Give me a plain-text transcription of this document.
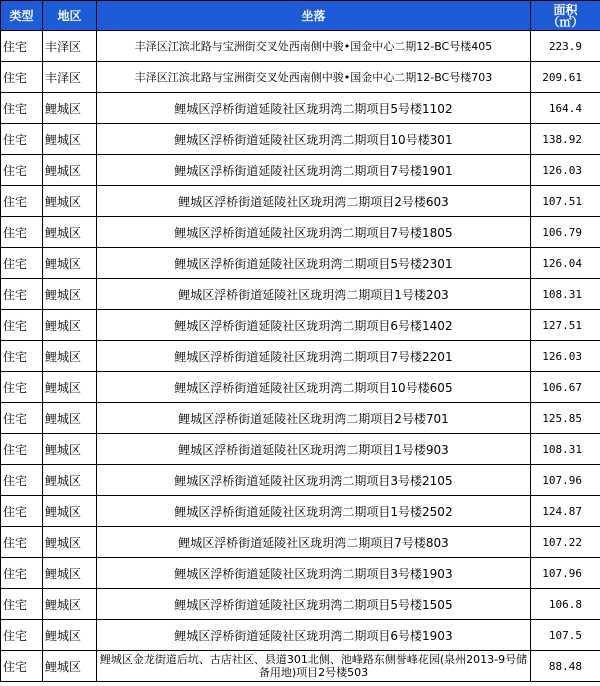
类型	地区	坐落	面积
（㎡）
住宅	丰泽区	丰泽区江滨北路与宝洲街交叉处西南侧中骏•国金中心二期12-BC号楼405	223.9
住宅	丰泽区	丰泽区江滨北路与宝洲街交叉处西南侧中骏•国金中心二期12-BC号楼703	209.61
住宅	鲤城区	鲤城区浮桥街道延陵社区珑玥湾二期项目5号楼1102	164.4
住宅	鲤城区	鲤城区浮桥街道延陵社区珑玥湾二期项目10号楼301	138.92
住宅	鲤城区	鲤城区浮桥街道延陵社区珑玥湾二期项目7号楼1901	126.03
住宅	鲤城区	鲤城区浮桥街道延陵社区珑玥湾二期项目2号楼603	107.51
住宅	鲤城区	鲤城区浮桥街道延陵社区珑玥湾二期项目7号楼1805	106.79
住宅	鲤城区	鲤城区浮桥街道延陵社区珑玥湾二期项目5号楼2301	126.04
住宅	鲤城区	鲤城区浮桥街道延陵社区珑玥湾二期项目1号楼203	108.31
住宅	鲤城区	鲤城区浮桥街道延陵社区珑玥湾二期项目6号楼1402	127.51
住宅	鲤城区	鲤城区浮桥街道延陵社区珑玥湾二期项目7号楼2201	126.03
住宅	鲤城区	鲤城区浮桥街道延陵社区珑玥湾二期项目10号楼605	106.67
住宅	鲤城区	鲤城区浮桥街道延陵社区珑玥湾二期项目2号楼701	125.85
住宅	鲤城区	鲤城区浮桥街道延陵社区珑玥湾二期项目1号楼903	108.31
住宅	鲤城区	鲤城区浮桥街道延陵社区珑玥湾二期项目3号楼2105	107.96
住宅	鲤城区	鲤城区浮桥街道延陵社区珑玥湾二期项目1号楼2502	124.87
住宅	鲤城区	鲤城区浮桥街道延陵社区珑玥湾二期项目7号楼803	107.22
住宅	鲤城区	鲤城区浮桥街道延陵社区珑玥湾二期项目3号楼1903	107.96
住宅	鲤城区	鲤城区浮桥街道延陵社区珑玥湾二期项目5号楼1505	106.8
住宅	鲤城区	鲤城区浮桥街道延陵社区珑玥湾二期项目6号楼1903	107.5
住宅	鲤城区	鲤城区金龙街道后坑、古店社区、县道301北侧、池峰路东侧誉峰花园(泉州2013-9号储备用地)项目2号楼503	88.48
